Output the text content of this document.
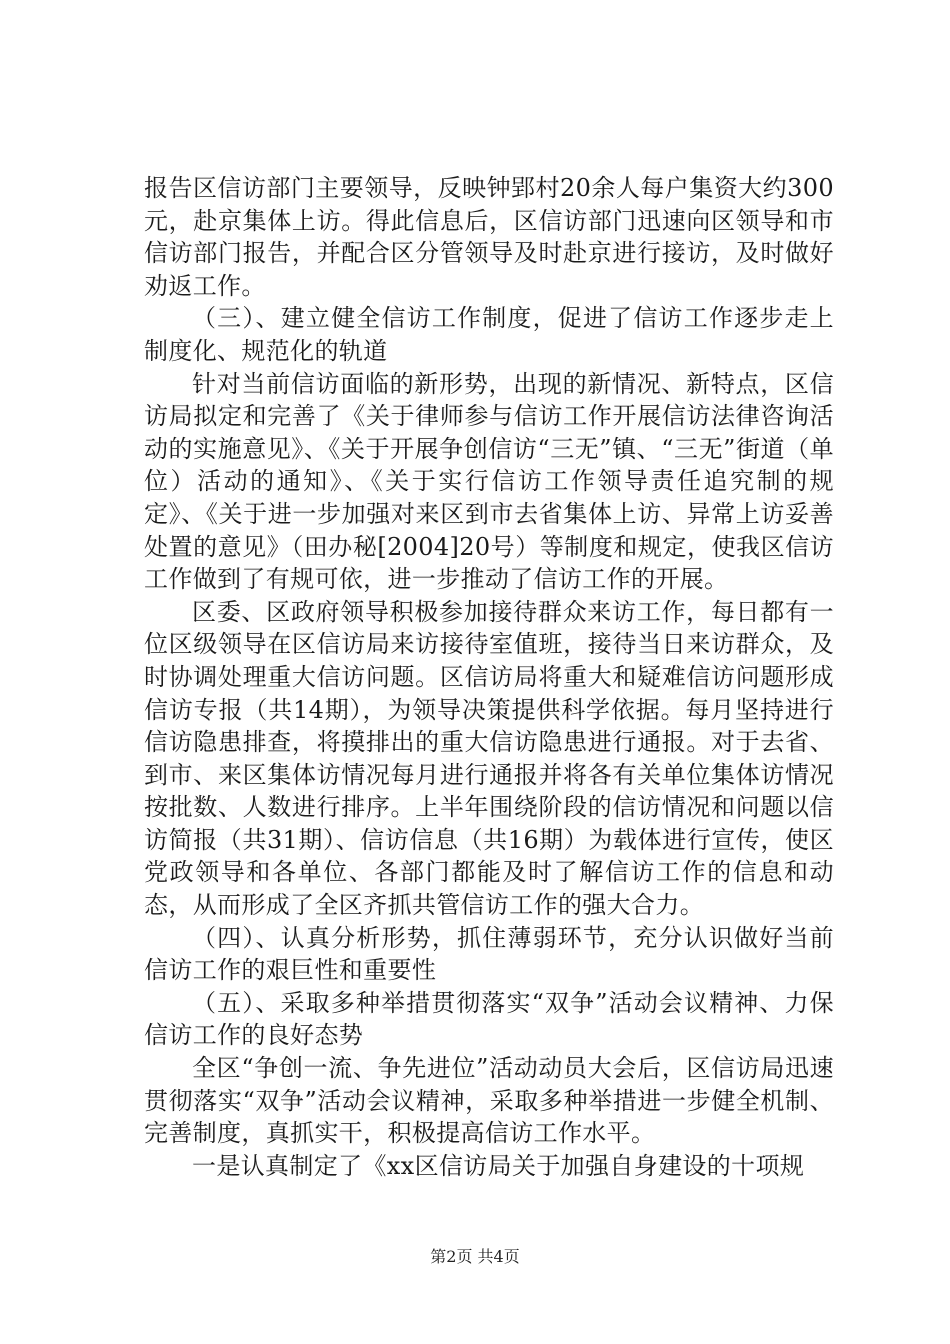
报告区信访部门主要领导，反映钟郢村20余人每户集资大约300元，赴京集体上访。得此信息后，区信访部门迅速向区领导和市信访部门报告，并配合区分管领导及时赴京进行接访，及时做好劝返工作。

（三）、建立健全信访工作制度，促进了信访工作逐步走上制度化、规范化的轨道

针对当前信访面临的新形势，出现的新情况、新特点，区信访局拟定和完善了《关于律师参与信访工作开展信访法律咨询活动的实施意见》、《关于开展争创信访“三无”镇、“三无”街道（单位）活动的通知》、《关于实行信访工作领导责任追究制的规定》、《关于进一步加强对来区到市去省集体上访、异常上访妥善处置的意见》（田办秘[2004]20号）等制度和规定，使我区信访工作做到了有规可依，进一步推动了信访工作的开展。

区委、区政府领导积极参加接待群众来访工作，每日都有一位区级领导在区信访局来访接待室值班，接待当日来访群众，及时协调处理重大信访问题。区信访局将重大和疑难信访问题形成信访专报（共14期），为领导决策提供科学依据。每月坚持进行信访隐患排查，将摸排出的重大信访隐患进行通报。对于去省、到市、来区集体访情况每月进行通报并将各有关单位集体访情况按批数、人数进行排序。上半年围绕阶段的信访情况和问题以信访简报（共31期）、信访信息（共16期）为载体进行宣传，使区党政领导和各单位、各部门都能及时了解信访工作的信息和动态，从而形成了全区齐抓共管信访工作的强大合力。

（四）、认真分析形势，抓住薄弱环节，充分认识做好当前信访工作的艰巨性和重要性

（五）、采取多种举措贯彻落实“双争”活动会议精神、力保信访工作的良好态势

全区“争创一流、争先进位”活动动员大会后，区信访局迅速贯彻落实“双争”活动会议精神，采取多种举措进一步健全机制、完善制度，真抓实干，积极提高信访工作水平。

一是认真制定了《xx区信访局关于加强自身建设的十项规

第2页 共4页
